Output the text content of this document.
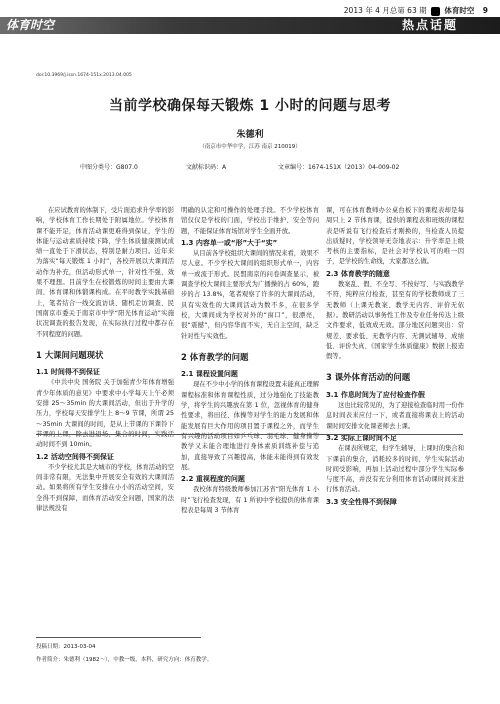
2013 年 4 月总第 63 期 体育时空 9
体育时空	热点话题
doi:10.3969/j.issn.1674-151x.2013.04.005
当前学校确保每天锻炼 1 小时的问题与思考
朱德利
（南京市中华中学，江苏 南京 210019）
中图分类号：G807.0	文献标识码：A	文章编号：1674-151X（2013）04-009-02

在应试教育的体制下，受片面追求升学率的影响，学校体育工作长期处于附属地位。学校体育课不能开足，体育活动课更难得到保证，学生的体能与运动素质持续下降，学生体质健康测试成绩一直处于下滑状态，特别是耐力项目。近年来为落实“每天锻炼 1 小时”，各校开展以大课间活动作为补充，但活动形式单一，针对性不强，效果不理想。目前学生在校锻炼的时间主要由大课间、体育课和体锻课构成。在平时教学实践基础上，笔者结合一线交流访谈、随机走访调查、民国南京市委关于南京市中学“阳光体育运动”实施状况调查的报告发现，在实际执行过程中都存在不同程度的问题。

1 大课间问题现状
1.1 时间得不到保证

《中共中央 国务院 关于加强青少年体育增强青少年体质的意见》中要求中小学每天上午必须安排 25～35min 的大课间活动，但出于升学的压力，学校每天安排学生上 8～9 节课，所谓 25～35min 大课间的时间，是从上节课的下课铃下节课的上课，除去进退场、集合的时间，实践活动时间不到 10min。

1.2 活动空间得不到保证

不少学校尤其是大城市的学校，体育活动的空间非常有限，无法集中开展安全有效的大课间活动。如果将所有学生安排在小小的活动空间，安全得不到保障，而体育活动安全问题，国家的法律法规没有

明确的认定和可操作的处理手段。不少学校体育馆仅仅是学校的门面，学校出于维护、安全等问题，不能保证体育场馆对学生全面开放。

1.3 内容单一或“形”大于“实”

从目前各学校组织大课间的情况来看，效果不尽人意。不少学校大课间的组织形式单一，内容单一或流于形式。民盟南京的问卷调查显示，被调查学校大课间主要形式为广播操的占 60%，跑步的占 13.8%，笔者观察了许多的大课间活动，具有实效性的大课间活动为数不多，在很多学校，大课间成为学校对外的“窗口”，很漂亮，很“震撼”，但内容华而不实，无自主空间，缺乏针对性与实效性。

2 体育教学的问题
2.1 课程设置问题

现在不少中小学的体育课程设置未能真正理解课程标准和体育课程性质，过分地强化了技能教学，将学生的兴趣放在第 1 位，忽视体育的健身性要求，将田径、体操等对学生的能力发展和体能发展有巨大作用的项目置于课程之外，而学生有兴趣的活动项目如乒乓球、羽毛球、健身操等教学又未能合理地进行身体素质训练补偿与追加，直接导致了兴趣提高，体能未能得到有效发展。

2.2 重视程度的问题

我校体育特级教师参加江苏省“阳光体育 1 小时”飞行检查发现，有 1 所初中学校提供的体育课程表是每周 3 节体育

课，可在体育教师办公桌台板下的课程表却是每周只上 2 节体育课，提供的课程表和班级的课程表是听说有飞行检查后才刚换的，当检查人员提出质疑时，学校领导无奈地表示：升学率是上级考核的主要指标，是社会对学校认可的唯一因子，是学校的生命线，大家都这么做。

2.3 体育教学的随意

教案乱、假、不全写、不按好写、与实践教学不符，纯粹应付检查，甚至有的学校教师成了三无教师（上课无教案、教学无内容、评价无依据）。教研活动以事务性工作及专业任务传达上级文件要求，低效成无效。部分地区问题突出：常规差、要求低、无教学内容、无测试辅导、成绩低、评价失真、《国家学生体质健康》数据上报造假等。

3 课外体育活动的问题
3.1 作息时间为了应付检查作假

这也比较常见的，为了迎接检查临时用一份作息时间表来应付一下，或者直接将课表上的活动课时间安排文化课老师去上课。

3.2 实际上课时间不足

在课表所规定，但学生辅导，上课时的集合和下课前的集合，消耗较多的时间，学生实际活动时间受影响，再加上活动过程中部分学生实际参与度不高，并没有充分利用体育活动课时间来进行体育活动。

3.3 安全性得不到保障
投稿日期：2013-03-04
作者简介：朱德利（1982～），中教一级，本科，研究方向：体育教学。
